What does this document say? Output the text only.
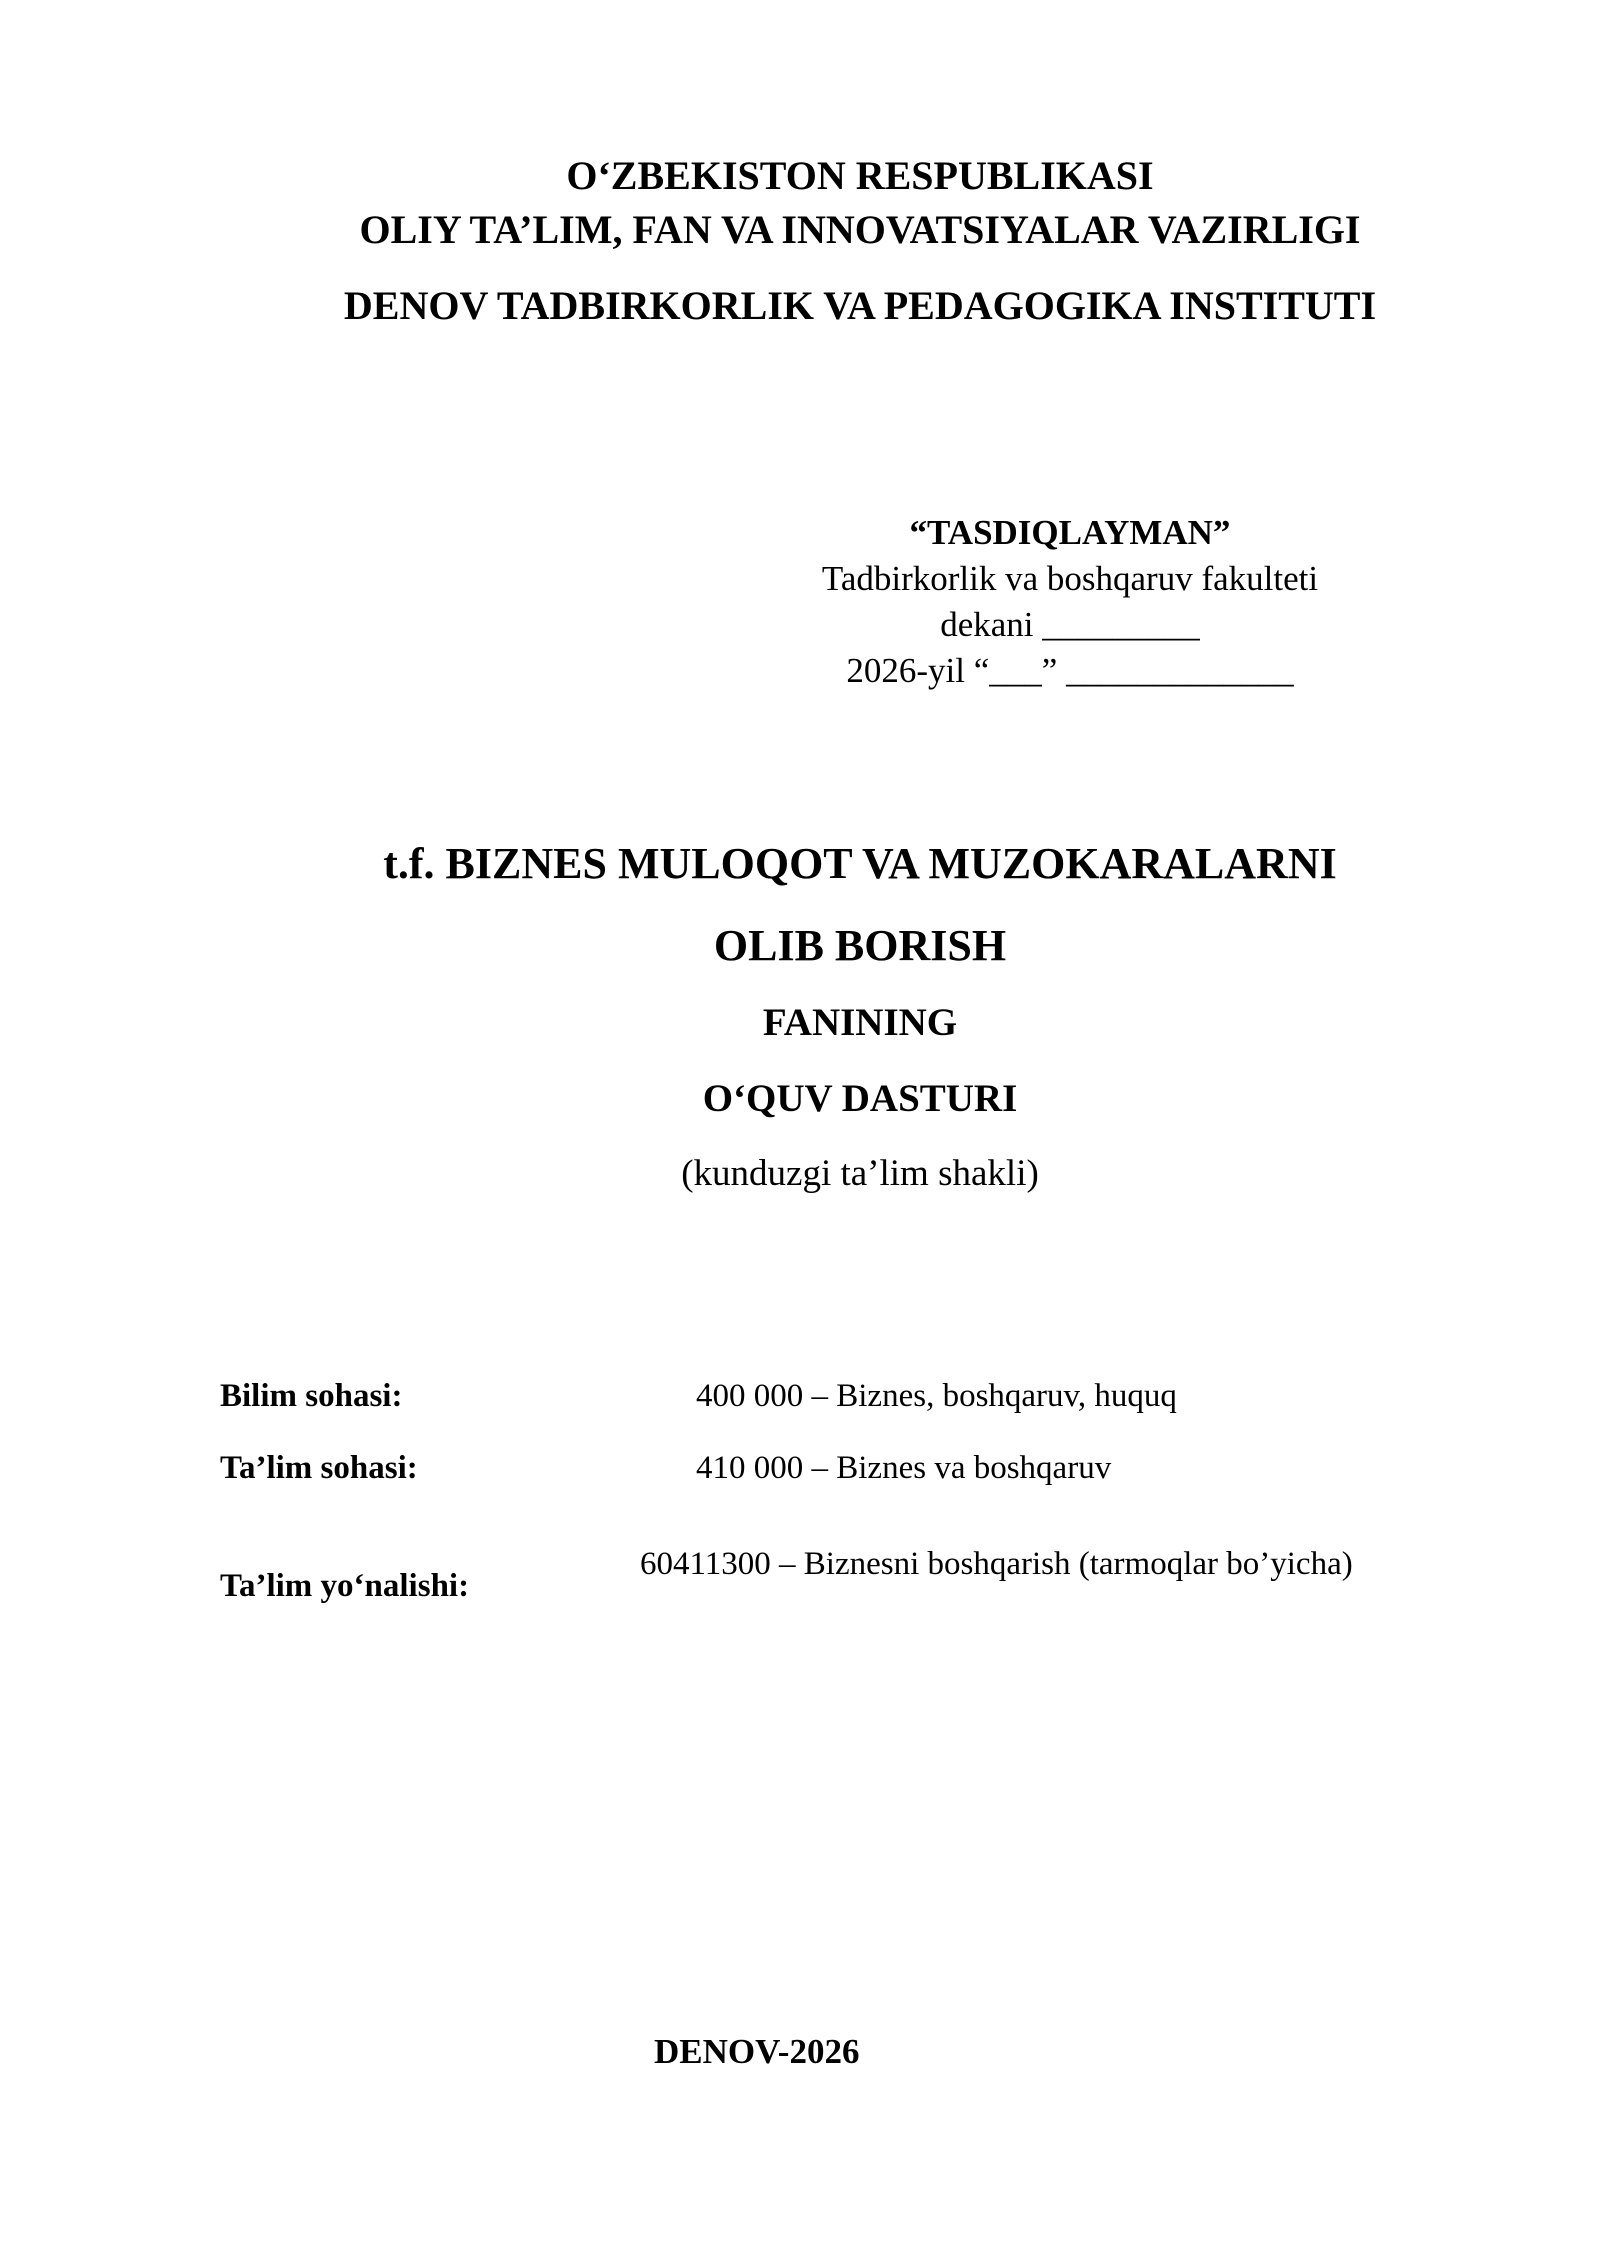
O‘ZBEKISTON RESPUBLIKASI
OLIY TA’LIM, FAN VA INNOVATSIYALAR VAZIRLIGI
DENOV TADBIRKORLIK VA PEDAGOGIKA INSTITUTI
“TASDIQLAYMAN”
Tadbirkorlik va boshqaruv fakulteti
dekani _________
2026-yil “___” _____________
t.f. BIZNES MULOQOT VA MUZOKARALARNI
OLIB BORISH
FANINING
O‘QUV DASTURI
(kunduzgi ta’lim shakli)
Bilim sohasi:	400 000 – Biznes, boshqaruv, huquq
Ta’lim sohasi:	410 000 – Biznes va boshqaruv
Ta’lim yo‘nalishi:
60411300 – Biznesni boshqarish (tarmoqlar bo’yicha)
DENOV-2026
